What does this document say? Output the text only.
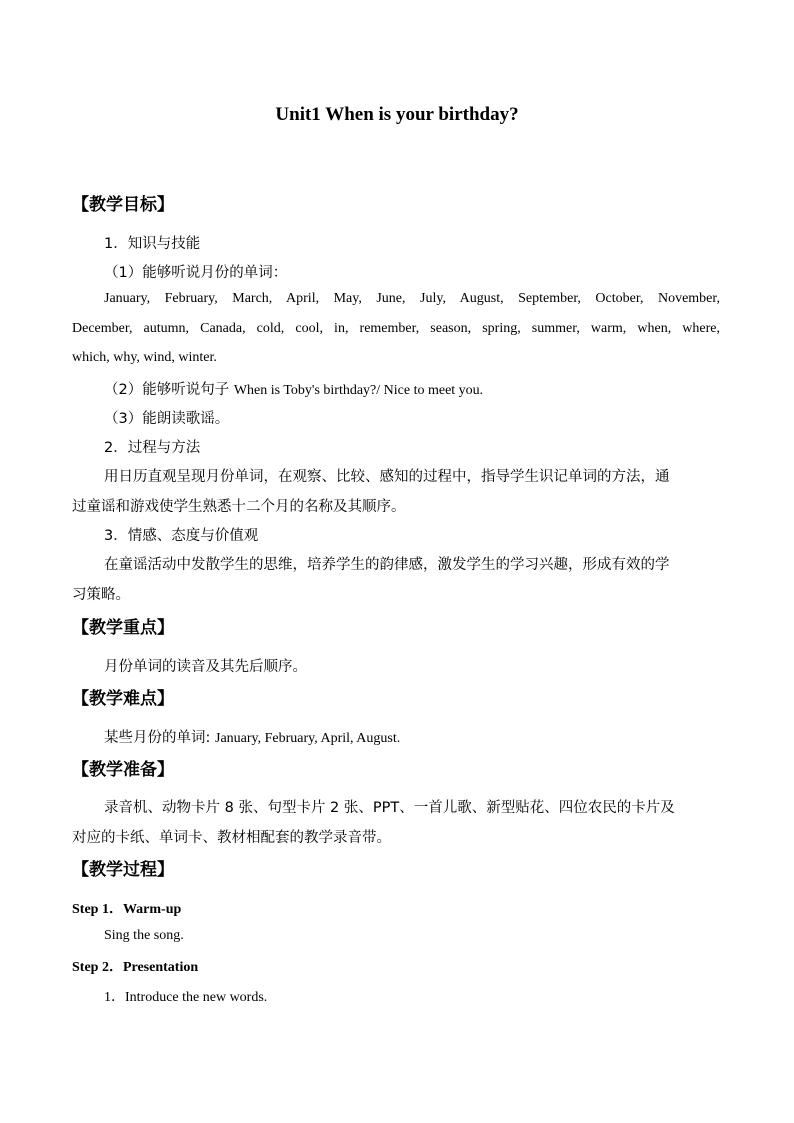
Unit1 When is your birthday?
【教学目标】
1．知识与技能
（1）能够听说月份的单词：
January, February, March, April, May, June, July, August, September, October, November,
December, autumn, Canada, cold, cool, in, remember, season, spring, summer, warm, when, where,
which, why, wind, winter.
（2）能够听说句子 When is Toby's birthday?/ Nice to meet you.
（3）能朗读歌谣。
2．过程与方法
用日历直观呈现月份单词，在观察、比较、感知的过程中，指导学生识记单词的方法，通
过童谣和游戏使学生熟悉十二个月的名称及其顺序。
3．情感、态度与价值观
在童谣活动中发散学生的思维，培养学生的韵律感，激发学生的学习兴趣，形成有效的学
习策略。
【教学重点】
月份单词的读音及其先后顺序。
【教学难点】
某些月份的单词: January, February, April, August.
【教学准备】
录音机、动物卡片 8 张、句型卡片 2 张、PPT、一首儿歌、新型贴花、四位农民的卡片及
对应的卡纸、单词卡、教材相配套的教学录音带。
【教学过程】
Step 1．Warm-up
Sing the song.
Step 2．Presentation
1．Introduce the new words.
